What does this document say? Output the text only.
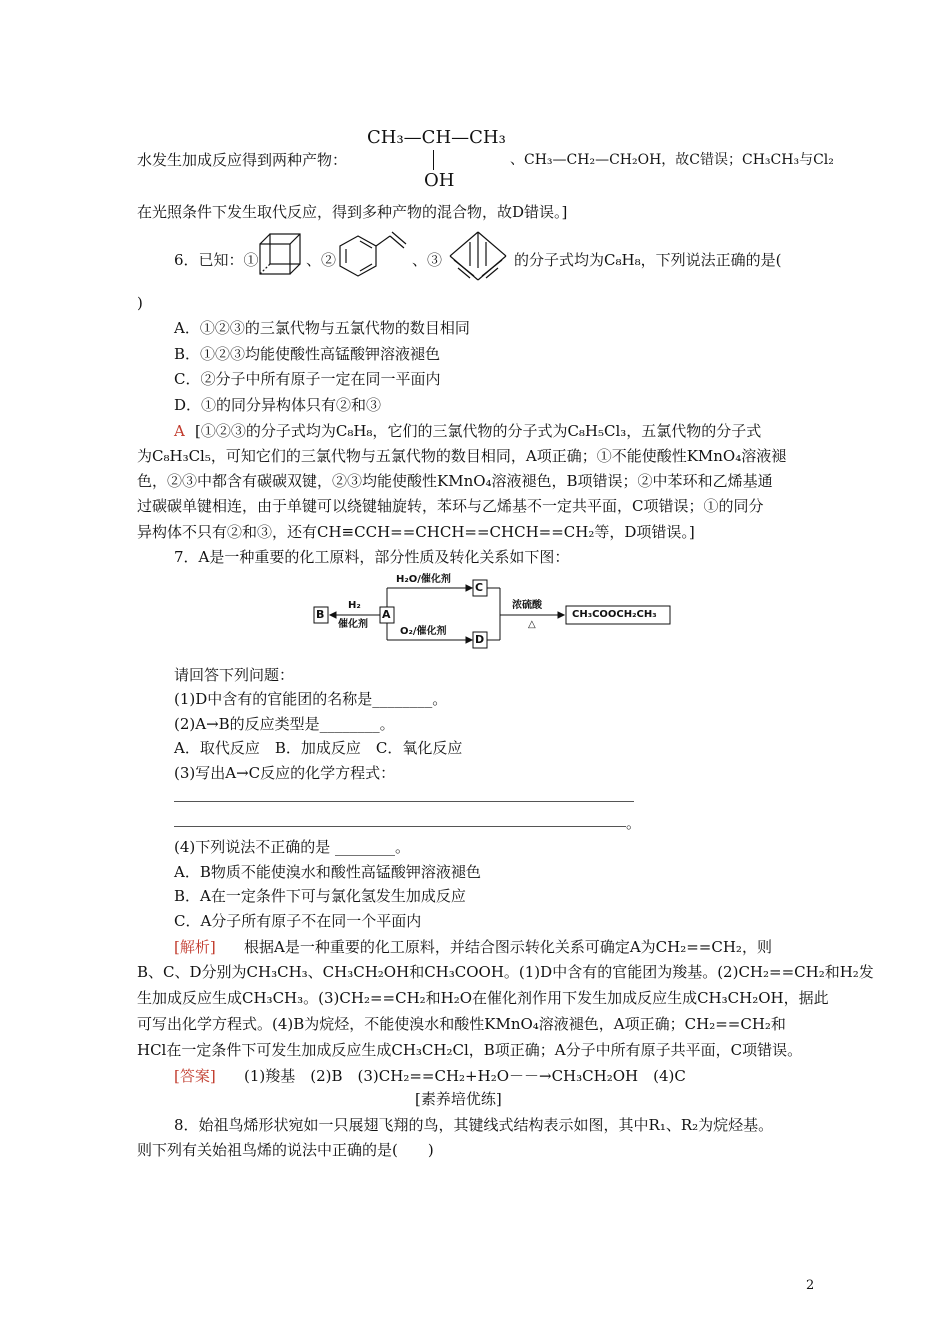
CH₃—CH—CH₃
OH
水发生加成反应得到两种产物：	、CH₃—CH₂—CH₂OH，故C错误；CH₃CH₃与Cl₂
在光照条件下发生取代反应，得到多种产物的混合物，故D错误。]
6．已知：①	、②	、③	的分子式均为C₈H₈，下列说法正确的是(
)
A．①②③的三氯代物与五氯代物的数目相同
B．①②③均能使酸性高锰酸钾溶液褪色
C．②分子中所有原子一定在同一平面内
D．①的同分异构体只有②和③
A [①②③的分子式均为C₈H₈，它们的三氯代物的分子式为C₈H₅Cl₃，五氯代物的分子式
为C₈H₃Cl₅，可知它们的三氯代物与五氯代物的数目相同，A项正确；①不能使酸性KMnO₄溶液褪
色，②③中都含有碳碳双键，②③均能使酸性KMnO₄溶液褪色，B项错误；②中苯环和乙烯基通
过碳碳单键相连，由于单键可以绕键轴旋转，苯环与乙烯基不一定共平面，C项错误；①的同分
异构体不只有②和③，还有CH≡CCH==CHCH==CHCH==CH₂等，D项错误。]
7．A是一种重要的化工原料，部分性质及转化关系如下图：
B	A
C
D
H₂
催化剂
H₂O/催化剂
O₂/催化剂
浓硫酸
△
CH₃COOCH₂CH₃
请回答下列问题：
(1)D中含有的官能团的名称是________。
(2)A→B的反应类型是________。
A．取代反应　B．加成反应　C．氧化反应
(3)写出A→C反应的化学方程式：
。
(4)下列说法不正确的是 ________。
A．B物质不能使溴水和酸性高锰酸钾溶液褪色
B．A在一定条件下可与氯化氢发生加成反应
C．A分子所有原子不在同一个平面内
[解析] 根据A是一种重要的化工原料，并结合图示转化关系可确定A为CH₂==CH₂，则
B、C、D分别为CH₃CH₃、CH₃CH₂OH和CH₃COOH。(1)D中含有的官能团为羧基。(2)CH₂==CH₂和H₂发
生加成反应生成CH₃CH₃。(3)CH₂==CH₂和H₂O在催化剂作用下发生加成反应生成CH₃CH₂OH，据此
可写出化学方程式。(4)B为烷烃，不能使溴水和酸性KMnO₄溶液褪色，A项正确；CH₂==CH₂和
HCl在一定条件下可发生加成反应生成CH₃CH₂Cl，B项正确；A分子中所有原子共平面，C项错误。
[答案] (1)羧基　(2)B　(3)CH₂==CH₂+H₂O－－→CH₃CH₂OH　(4)C
[素养培优练]
8．始祖鸟烯形状宛如一只展翅飞翔的鸟，其键线式结构表示如图，其中R₁、R₂为烷烃基。
则下列有关始祖鸟烯的说法中正确的是(　　)
2
